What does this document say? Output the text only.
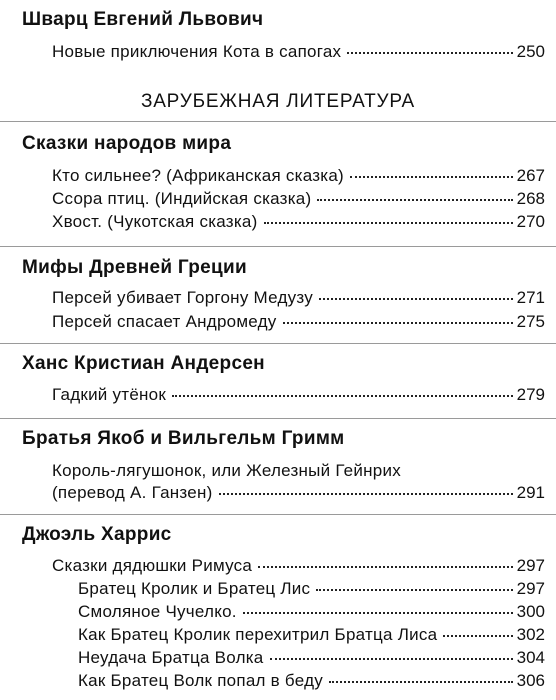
Шварц Евгений Львович
Новые приключения Кота в сапогах	250
ЗАРУБЕЖНАЯ ЛИТЕРАТУРА
Сказки народов мира
Кто сильнее? (Африканская сказка)	267
Ссора птиц. (Индийская сказка)	268
Хвост. (Чукотская сказка)	270
Мифы Древней Греции
Персей убивает Горгону Медузу	271
Персей спасает Андромеду	275
Ханс Кристиан Андерсен
Гадкий утёнок	279
Братья Якоб и Вильгельм Гримм
Король-лягушонок, или Железный Гейнрих
(перевод А. Ганзен)	291
Джоэль Харрис
Сказки дядюшки Римуса	297
Братец Кролик и Братец Лис	297
Смоляное Чучелко.	300
Как Братец Кролик перехитрил Братца Лиса	302
Неудача Братца Волка	304
Как Братец Волк попал в беду	306
